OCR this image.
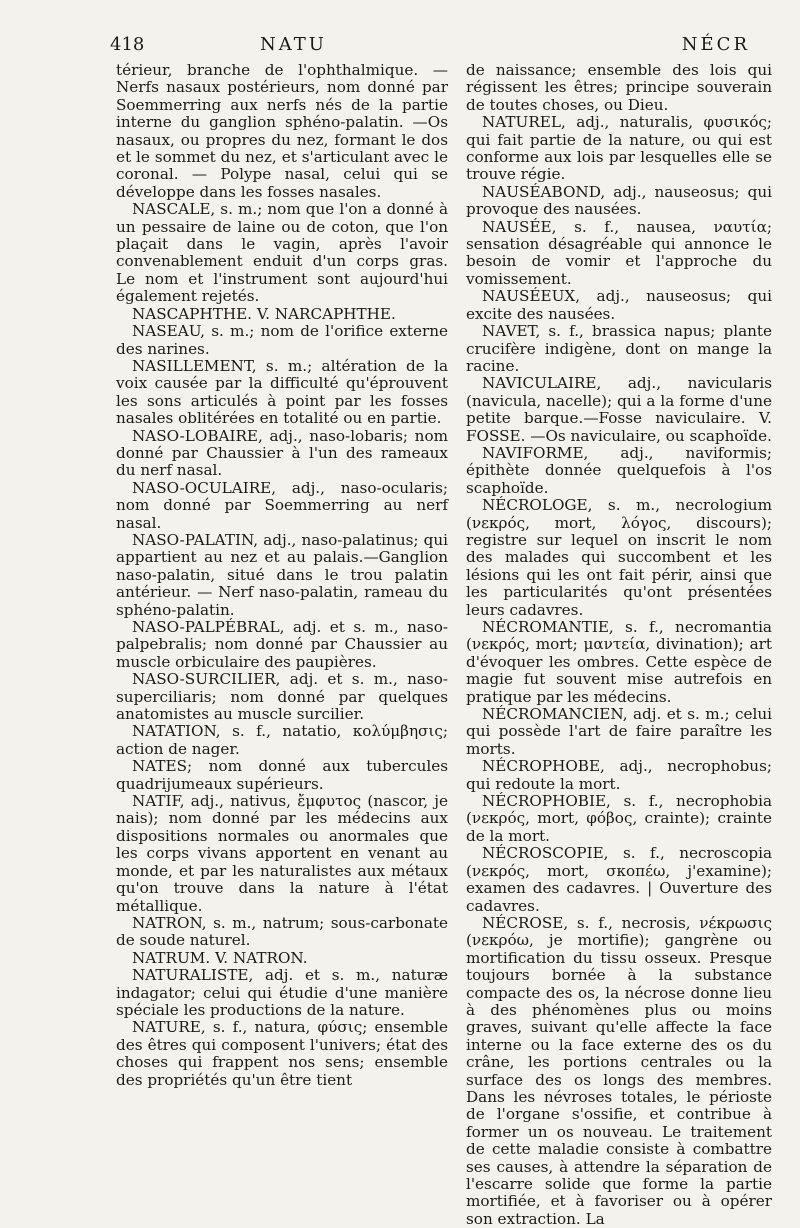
418	NATU	NÉCR

térieur, branche de l'ophthalmique. — Nerfs nasaux postérieurs, nom donné par Soemmerring aux nerfs nés de la partie interne du ganglion sphéno-palatin. —Os nasaux, ou propres du nez, formant le dos et le sommet du nez, et s'articulant avec le coronal. — Polype nasal, celui qui se développe dans les fosses nasales.

NASCALE, s. m.; nom que l'on a donné à un pessaire de laine ou de coton, que l'on plaçait dans le vagin, après l'avoir convenablement enduit d'un corps gras. Le nom et l'instrument sont aujourd'hui également rejetés.

NASCAPHTHE. V. NARCAPHTHE.

NASEAU, s. m.; nom de l'orifice externe des narines.

NASILLEMENT, s. m.; altération de la voix causée par la difficulté qu'éprouvent les sons articulés à point par les fosses nasales oblitérées en totalité ou en partie.

NASO-LOBAIRE, adj., naso-lobaris; nom donné par Chaussier à l'un des rameaux du nerf nasal.

NASO-OCULAIRE, adj., naso-ocularis; nom donné par Soemmerring au nerf nasal.

NASO-PALATIN, adj., naso-palatinus; qui appartient au nez et au palais.—Ganglion naso-palatin, situé dans le trou palatin antérieur. — Nerf naso-palatin, rameau du sphéno-palatin.

NASO-PALPÉBRAL, adj. et s. m., naso-palpebralis; nom donné par Chaussier au muscle orbiculaire des paupières.

NASO-SURCILIER, adj. et s. m., naso-superciliaris; nom donné par quelques anatomistes au muscle surcilier.

NATATION, s. f., natatio, κολύμβησις; action de nager.

NATES; nom donné aux tubercules quadrijumeaux supérieurs.

NATIF, adj., nativus, ἔμφυτος (nascor, je nais); nom donné par les médecins aux dispositions normales ou anormales que les corps vivans apportent en venant au monde, et par les naturalistes aux métaux qu'on trouve dans la nature à l'état métallique.

NATRON, s. m., natrum; sous-carbonate de soude naturel.

NATRUM. V. NATRON.

NATURALISTE, adj. et s. m., naturæ indagator; celui qui étudie d'une manière spéciale les productions de la nature.

NATURE, s. f., natura, φύσις; ensemble des êtres qui composent l'univers; état des choses qui frappent nos sens; ensemble des propriétés qu'un être tient

de naissance; ensemble des lois qui régissent les êtres; principe souverain de toutes choses, ou Dieu.

NATUREL, adj., naturalis, φυσικός; qui fait partie de la nature, ou qui est conforme aux lois par lesquelles elle se trouve régie.

NAUSÉABOND, adj., nauseosus; qui provoque des nausées.

NAUSÉE, s. f., nausea, ναυτία; sensation désagréable qui annonce le besoin de vomir et l'approche du vomissement.

NAUSÉEUX, adj., nauseosus; qui excite des nausées.

NAVET, s. f., brassica napus; plante crucifère indigène, dont on mange la racine.

NAVICULAIRE, adj., navicularis (navicula, nacelle); qui a la forme d'une petite barque.—Fosse naviculaire. V. FOSSE. —Os naviculaire, ou scaphoïde.

NAVIFORME, adj., naviformis; épithète donnée quelquefois à l'os scaphoïde.

NÉCROLOGE, s. m., necrologium (νεκρός, mort, λόγος, discours); registre sur lequel on inscrit le nom des malades qui succombent et les lésions qui les ont fait périr, ainsi que les particularités qu'ont présentées leurs cadavres.

NÉCROMANTIE, s. f., necromantia (νεκρός, mort; μαντεία, divination); art d'évoquer les ombres. Cette espèce de magie fut souvent mise autrefois en pratique par les médecins.

NÉCROMANCIEN, adj. et s. m.; celui qui possède l'art de faire paraître les morts.

NÉCROPHOBE, adj., necrophobus; qui redoute la mort.

NÉCROPHOBIE, s. f., necrophobia (νεκρός, mort, φόβος, crainte); crainte de la mort.

NÉCROSCOPIE, s. f., necroscopia (νεκρός, mort, σκοπέω, j'examine); examen des cadavres. | Ouverture des cadavres.

NÉCROSE, s. f., necrosis, νέκρωσις (νεκρόω, je mortifie); gangrène ou mortification du tissu osseux. Presque toujours bornée à la substance compacte des os, la nécrose donne lieu à des phénomènes plus ou moins graves, suivant qu'elle affecte la face interne ou la face externe des os du crâne, les portions centrales ou la surface des os longs des membres. Dans les névroses totales, le périoste de l'organe s'ossifie, et contribue à former un os nouveau. Le traitement de cette maladie consiste à combattre ses causes, à attendre la séparation de l'escarre solide que forme la partie mortifiée, et à favoriser ou à opérer son extraction. La
